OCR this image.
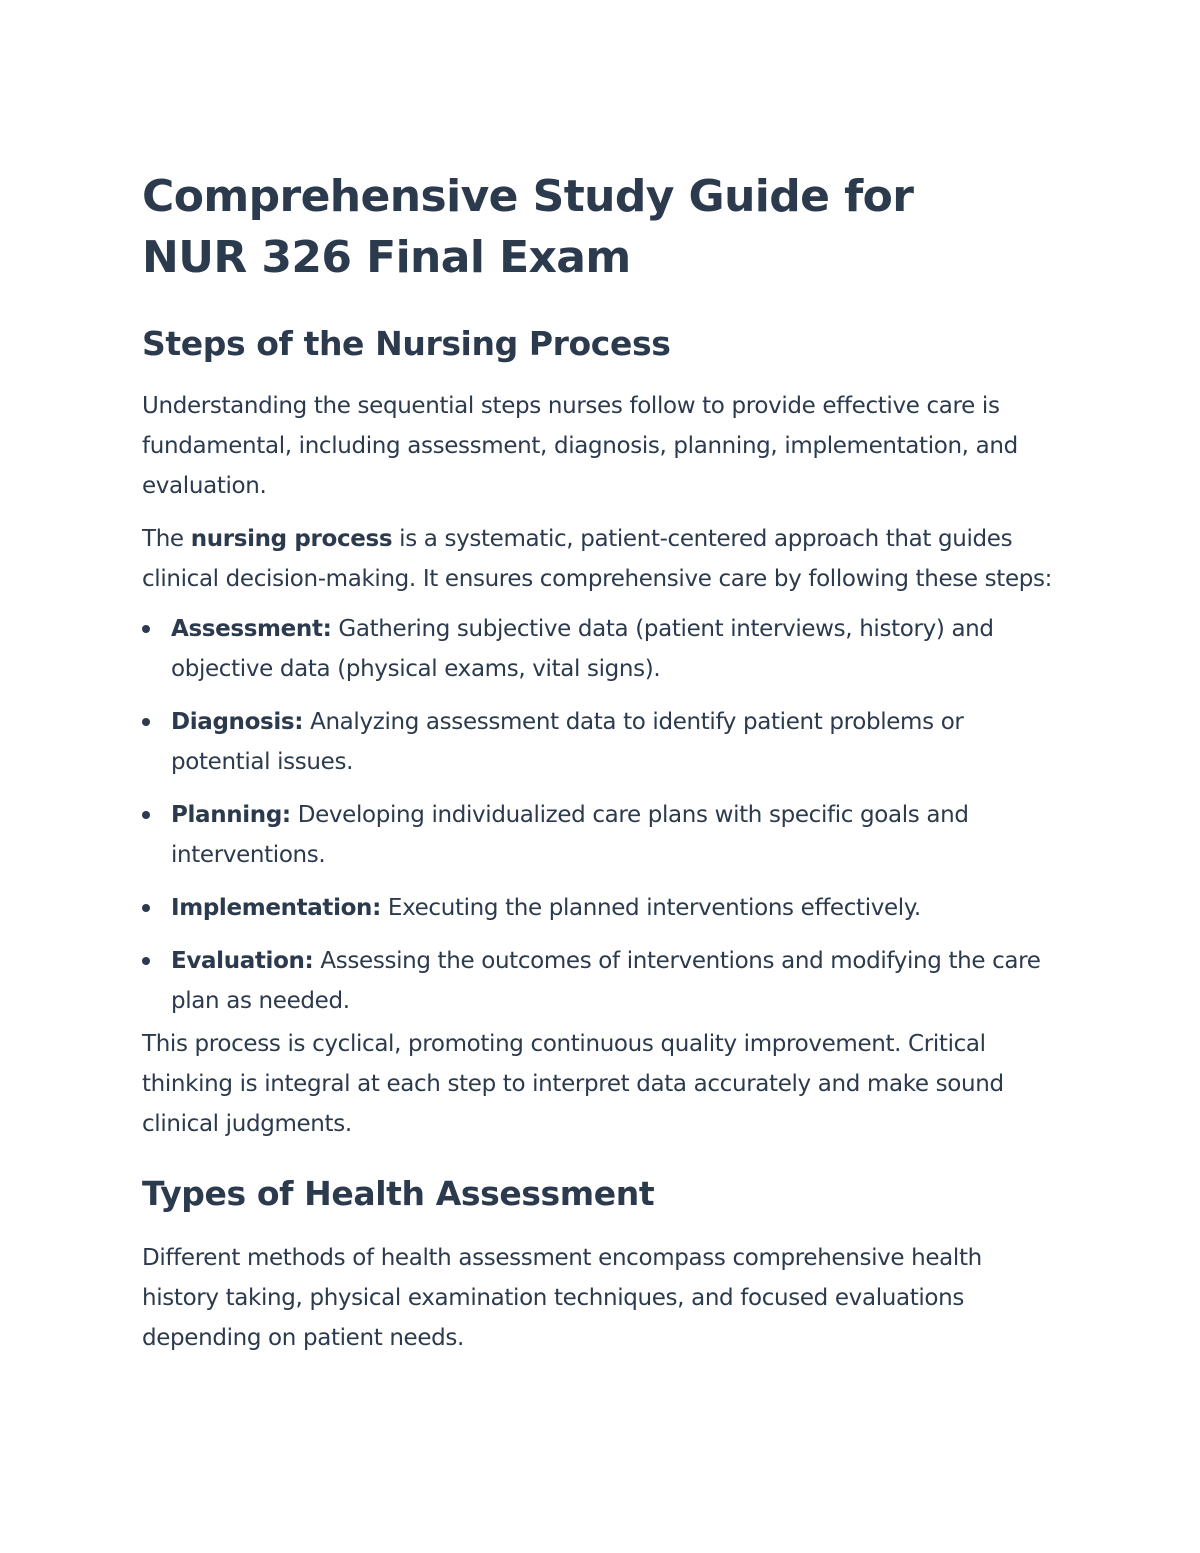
Comprehensive Study Guide for NUR 326 Final Exam
Steps of the Nursing Process

Understanding the sequential steps nurses follow to provide effective care is fundamental, including assessment, diagnosis, planning, implementation, and evaluation.

The nursing process is a systematic, patient-centered approach that guides clinical decision-making. It ensures comprehensive care by following these steps:

Assessment: Gathering subjective data (patient interviews, history) and objective data (physical exams, vital signs).
Diagnosis: Analyzing assessment data to identify patient problems or potential issues.
Planning: Developing individualized care plans with specific goals and interventions.
Implementation: Executing the planned interventions effectively.
Evaluation: Assessing the outcomes of interventions and modifying the care plan as needed.

This process is cyclical, promoting continuous quality improvement. Critical thinking is integral at each step to interpret data accurately and make sound clinical judgments.

Types of Health Assessment

Different methods of health assessment encompass comprehensive health history taking, physical examination techniques, and focused evaluations depending on patient needs.
